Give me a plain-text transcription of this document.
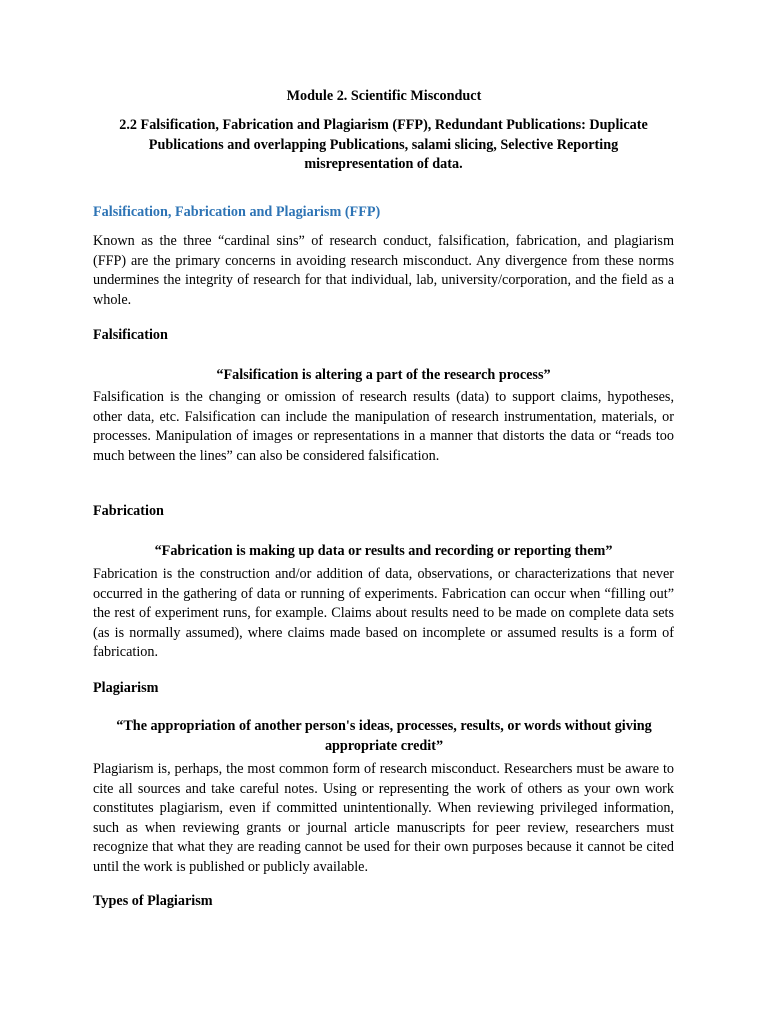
Module 2. Scientific Misconduct
2.2 Falsification, Fabrication and Plagiarism (FFP), Redundant Publications: Duplicate Publications and overlapping Publications, salami slicing, Selective Reporting misrepresentation of data.
Falsification, Fabrication and Plagiarism (FFP)
Known as the three “cardinal sins” of research conduct, falsification, fabrication, and plagiarism (FFP) are the primary concerns in avoiding research misconduct. Any divergence from these norms undermines the integrity of research for that individual, lab, university/corporation, and the field as a whole.
Falsification
“Falsification is altering a part of the research process”
Falsification is the changing or omission of research results (data) to support claims, hypotheses, other data, etc. Falsification can include the manipulation of research instrumentation, materials, or processes. Manipulation of images or representations in a manner that distorts the data or “reads too much between the lines” can also be considered falsification.
Fabrication
“Fabrication is making up data or results and recording or reporting them”
Fabrication is the construction and/or addition of data, observations, or characterizations that never occurred in the gathering of data or running of experiments. Fabrication can occur when “filling out” the rest of experiment runs, for example. Claims about results need to be made on complete data sets (as is normally assumed), where claims made based on incomplete or assumed results is a form of fabrication.
Plagiarism
“The appropriation of another person's ideas, processes, results, or words without giving appropriate credit”
Plagiarism is, perhaps, the most common form of research misconduct. Researchers must be aware to cite all sources and take careful notes. Using or representing the work of others as your own work constitutes plagiarism, even if committed unintentionally. When reviewing privileged information, such as when reviewing grants or journal article manuscripts for peer review, researchers must recognize that what they are reading cannot be used for their own purposes because it cannot be cited until the work is published or publicly available.
Types of Plagiarism
